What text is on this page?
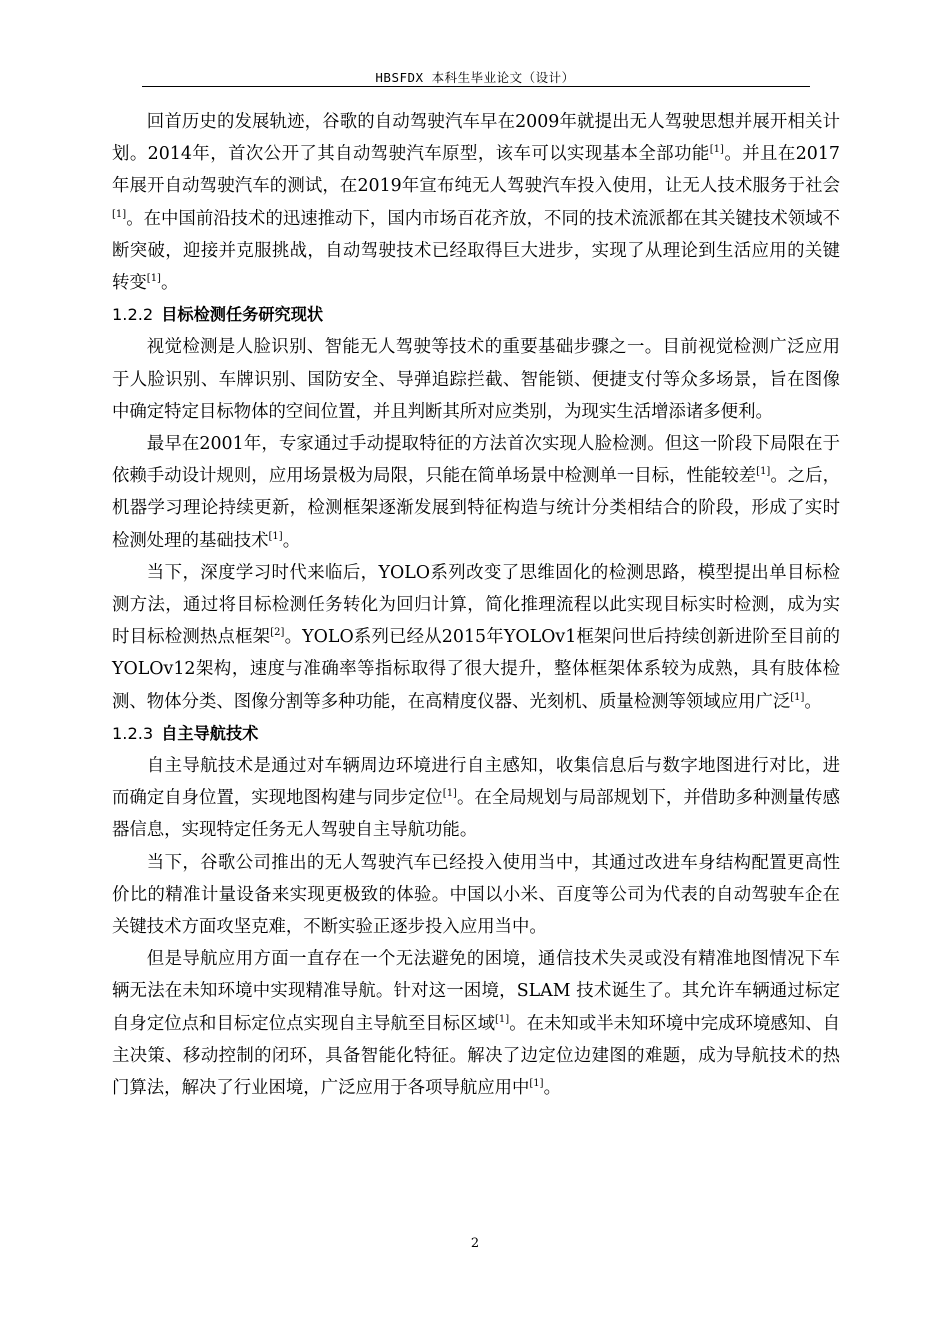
HBSFDX 本科生毕业论文（设计）

回首历史的发展轨迹，谷歌的自动驾驶汽车早在2009年就提出无人驾驶思想并展开相关计划。2014年，首次公开了其自动驾驶汽车原型，该车可以实现基本全部功能[1]。并且在2017年展开自动驾驶汽车的测试，在2019年宣布纯无人驾驶汽车投入使用，让无人技术服务于社会[1]。在中国前沿技术的迅速推动下，国内市场百花齐放，不同的技术流派都在其关键技术领域不断突破，迎接并克服挑战，自动驾驶技术已经取得巨大进步，实现了从理论到生活应用的关键转变[1]。

1.2.2 目标检测任务研究现状

视觉检测是人脸识别、智能无人驾驶等技术的重要基础步骤之一。目前视觉检测广泛应用于人脸识别、车牌识别、国防安全、导弹追踪拦截、智能锁、便捷支付等众多场景，旨在图像中确定特定目标物体的空间位置，并且判断其所对应类别，为现实生活增添诸多便利。

最早在2001年，专家通过手动提取特征的方法首次实现人脸检测。但这一阶段下局限在于依赖手动设计规则，应用场景极为局限，只能在简单场景中检测单一目标，性能较差[1]。之后，机器学习理论持续更新，检测框架逐渐发展到特征构造与统计分类相结合的阶段，形成了实时检测处理的基础技术[1]。

当下，深度学习时代来临后，YOLO系列改变了思维固化的检测思路，模型提出单目标检测方法，通过将目标检测任务转化为回归计算，简化推理流程以此实现目标实时检测，成为实时目标检测热点框架[2]。YOLO系列已经从2015年YOLOv1框架问世后持续创新进阶至目前的YOLOv12架构，速度与准确率等指标取得了很大提升，整体框架体系较为成熟，具有肢体检测、物体分类、图像分割等多种功能，在高精度仪器、光刻机、质量检测等领域应用广泛[1]。

1.2.3 自主导航技术

自主导航技术是通过对车辆周边环境进行自主感知，收集信息后与数字地图进行对比，进而确定自身位置，实现地图构建与同步定位[1]。在全局规划与局部规划下，并借助多种测量传感器信息，实现特定任务无人驾驶自主导航功能。

当下，谷歌公司推出的无人驾驶汽车已经投入使用当中，其通过改进车身结构配置更高性价比的精准计量设备来实现更极致的体验。中国以小米、百度等公司为代表的自动驾驶车企在关键技术方面攻坚克难，不断实验正逐步投入应用当中。

但是导航应用方面一直存在一个无法避免的困境，通信技术失灵或没有精准地图情况下车辆无法在未知环境中实现精准导航。针对这一困境，SLAM 技术诞生了。其允许车辆通过标定自身定位点和目标定位点实现自主导航至目标区域[1]。在未知或半未知环境中完成环境感知、自主决策、移动控制的闭环，具备智能化特征。解决了边定位边建图的难题，成为导航技术的热门算法，解决了行业困境，广泛应用于各项导航应用中[1]。

2
